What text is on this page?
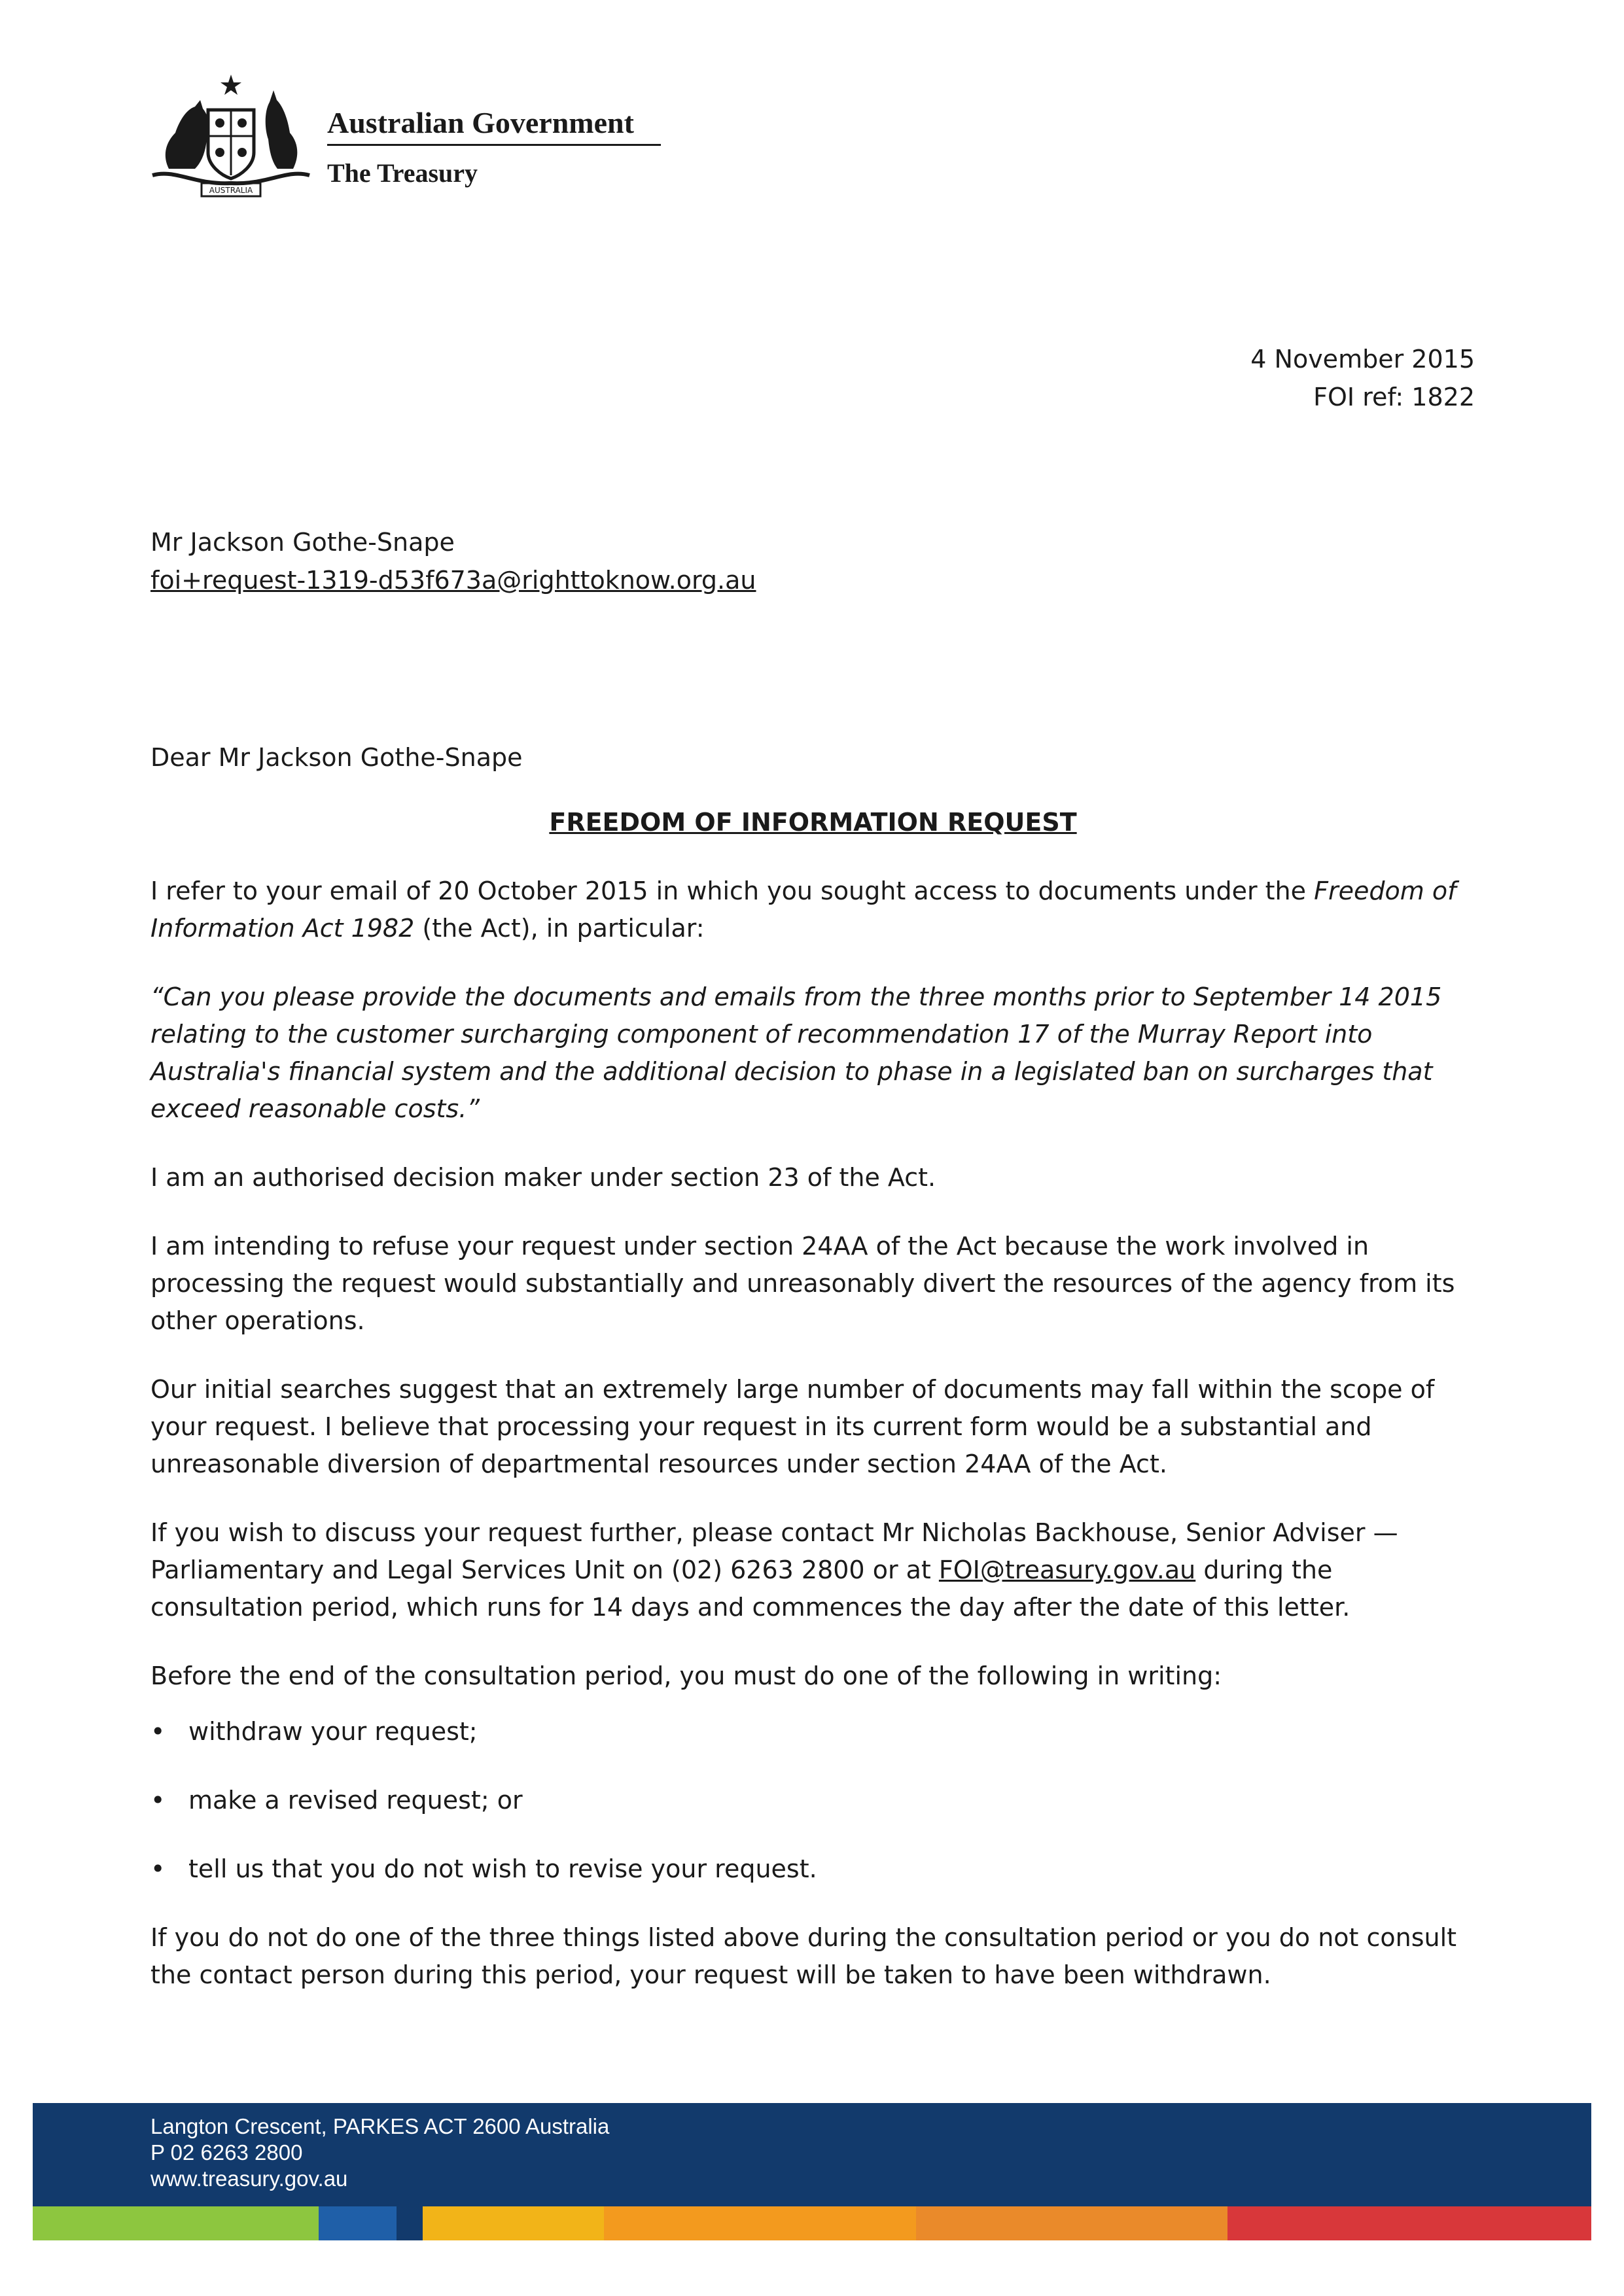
AUSTRALIA
Australian Government
The Treasury
4 November 2015
FOI ref: 1822
Mr Jackson Gothe-Snape
foi+request-1319-d53f673a@righttoknow.org.au

Dear Mr Jackson Gothe-Snape

FREEDOM OF INFORMATION REQUEST

I refer to your email of 20 October 2015 in which you sought access to documents under the Freedom of Information Act 1982 (the Act), in particular:

“Can you please provide the documents and emails from the three months prior to September 14 2015 relating to the customer surcharging component of recommendation 17 of the Murray Report into Australia's financial system and the additional decision to phase in a legislated ban on surcharges that exceed reasonable costs.”

I am an authorised decision maker under section 23 of the Act.

I am intending to refuse your request under section 24AA of the Act because the work involved in processing the request would substantially and unreasonably divert the resources of the agency from its other operations.

Our initial searches suggest that an extremely large number of documents may fall within the scope of your request. I believe that processing your request in its current form would be a substantial and unreasonable diversion of departmental resources under section 24AA of the Act.

If you wish to discuss your request further, please contact Mr Nicholas Backhouse, Senior Adviser — Parliamentary and Legal Services Unit on (02) 6263 2800 or at FOI@treasury.gov.au during the consultation period, which runs for 14 days and commences the day after the date of this letter.

Before the end of the consultation period, you must do one of the following in writing:

• withdraw your request;
• make a revised request; or
• tell us that you do not wish to revise your request.

If you do not do one of the three things listed above during the consultation period or you do not consult the contact person during this period, your request will be taken to have been withdrawn.

Langton Crescent, PARKES ACT 2600 Australia
P 02 6263 2800
www.treasury.gov.au
